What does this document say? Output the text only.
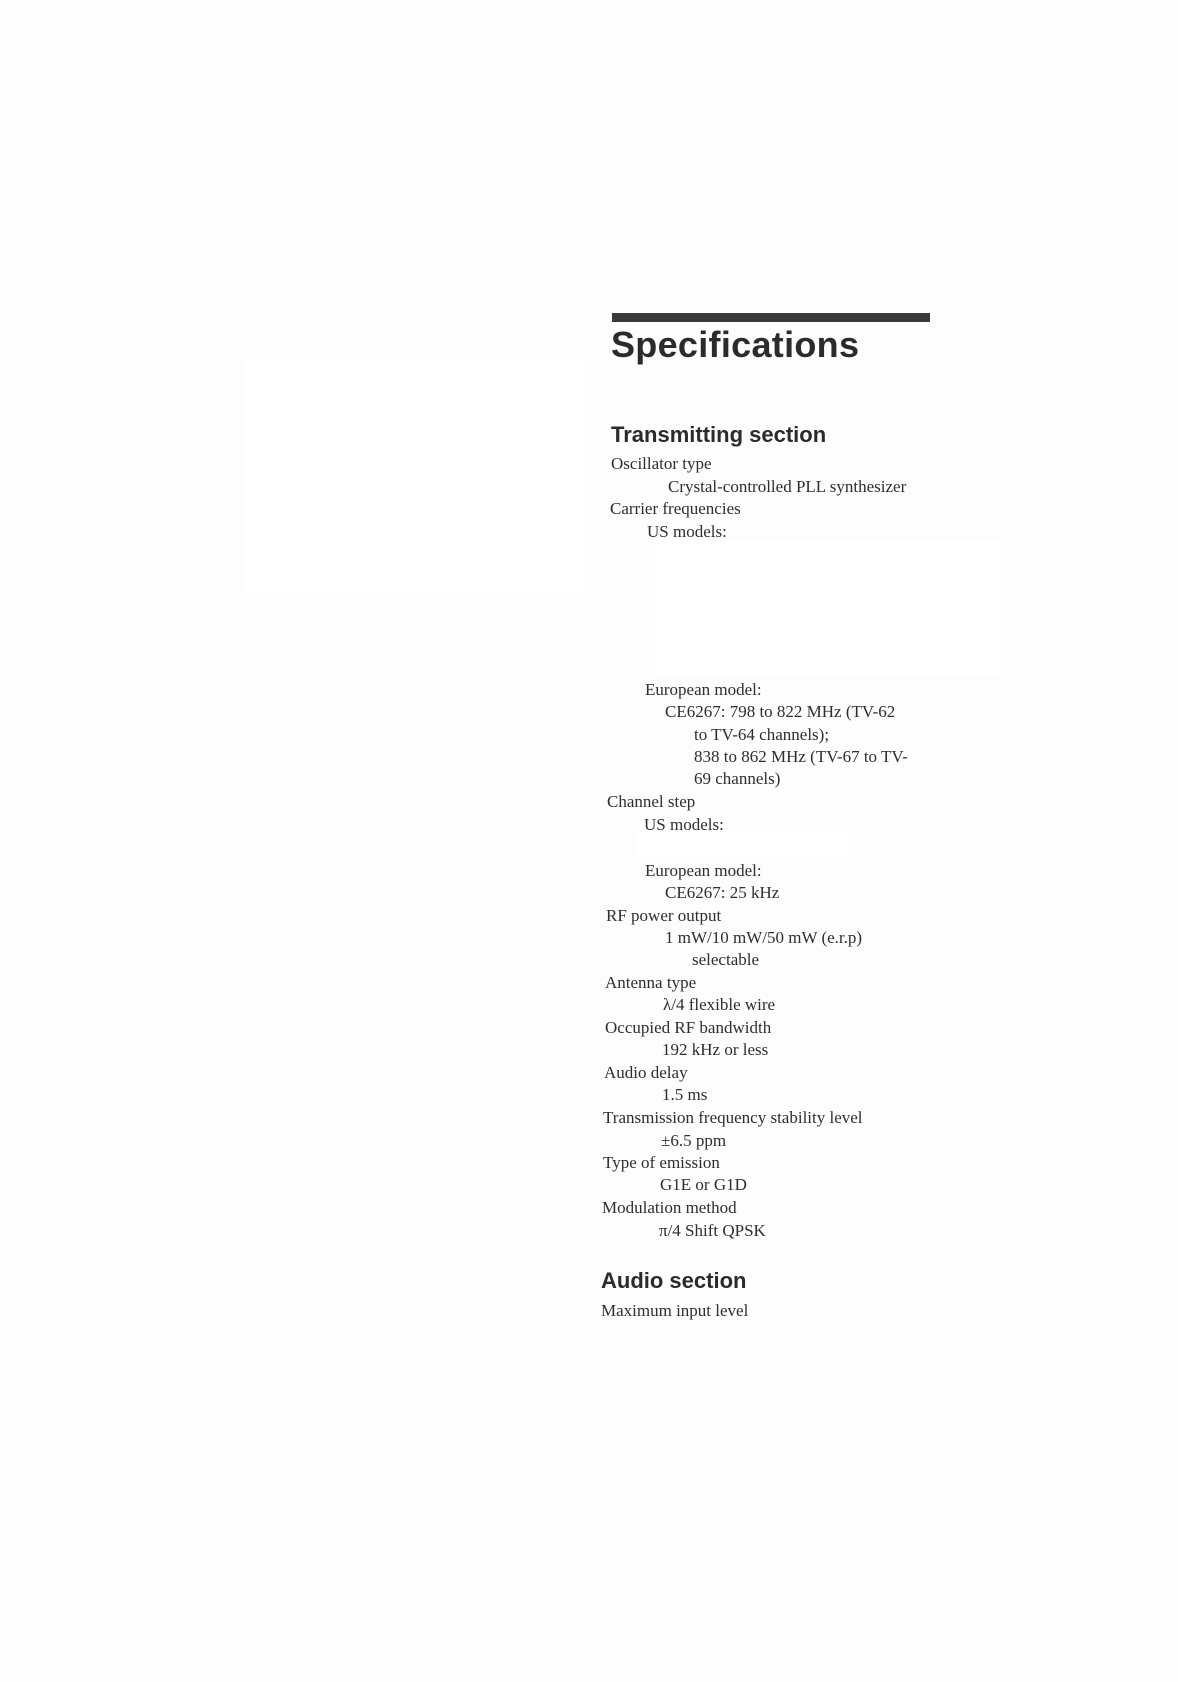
Specifications
Transmitting section
Oscillator type
Crystal-controlled PLL synthesizer
Carrier frequencies
US models:
European model:
CE6267: 798 to 822 MHz (TV-62
to TV-64 channels);
838 to 862 MHz (TV-67 to TV-
69 channels)
Channel step
US models:
European model:
CE6267: 25 kHz
RF power output
1 mW/10 mW/50 mW (e.r.p)
selectable
Antenna type
λ/4 flexible wire
Occupied RF bandwidth
192 kHz or less
Audio delay
1.5 ms
Transmission frequency stability level
±6.5 ppm
Type of emission
G1E or G1D
Modulation method
π/4 Shift QPSK
Audio section
Maximum input level
